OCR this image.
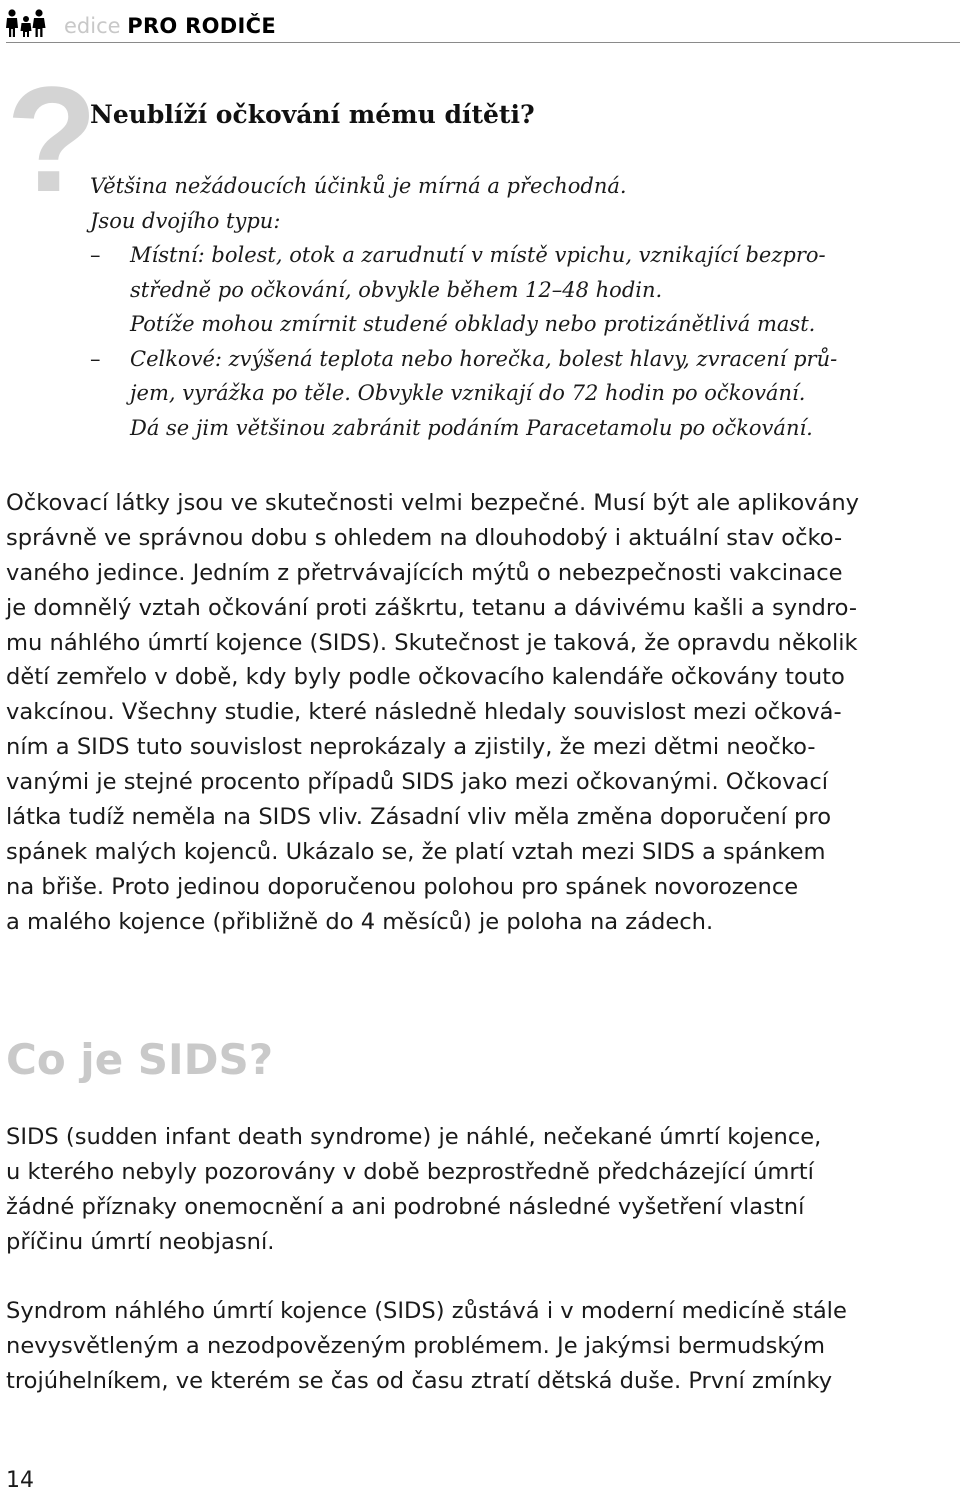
edice PRO RODIČE
?
Neublíží očkování mému dítěti?
Většina nežádoucích účinků je mírná a přechodná.
Jsou dvojího typu:
– Místní: bolest, otok a zarudnutí v místě vpichu, vznikající bezpro-
středně po očkování, obvykle během 12–48 hodin.
Potíže mohou zmírnit studené obklady nebo protizánětlivá mast.
– Celkové: zvýšená teplota nebo horečka, bolest hlavy, zvracení prů-
jem, vyrážka po těle. Obvykle vznikají do 72 hodin po očkování.
Dá se jim většinou zabránit podáním Paracetamolu po očkování.
Očkovací látky jsou ve skutečnosti velmi bezpečné. Musí být ale aplikovány
správně ve správnou dobu s ohledem na dlouhodobý i aktuální stav očko-
vaného jedince. Jedním z přetrvávajících mýtů o nebezpečnosti vakcinace
je domnělý vztah očkování proti záškrtu, tetanu a dávivému kašli a syndro-
mu náhlého úmrtí kojence (SIDS). Skutečnost je taková, že opravdu několik
dětí zemřelo v době, kdy byly podle očkovacího kalendáře očkovány touto
vakcínou. Všechny studie, které následně hledaly souvislost mezi očková-
ním a SIDS tuto souvislost neprokázaly a zjistily, že mezi dětmi neočko-
vanými je stejné procento případů SIDS jako mezi očkovanými. Očkovací
látka tudíž neměla na SIDS vliv. Zásadní vliv měla změna doporučení pro
spánek malých kojenců. Ukázalo se, že platí vztah mezi SIDS a spánkem
na břiše. Proto jedinou doporučenou polohou pro spánek novorozence
a malého kojence (přibližně do 4 měsíců) je poloha na zádech.
Co je SIDS?
SIDS (sudden infant death syndrome) je náhlé, nečekané úmrtí kojence,
u kterého nebyly pozorovány v době bezprostředně předcházející úmrtí
žádné příznaky onemocnění a ani podrobné následné vyšetření vlastní
příčinu úmrtí neobjasní.
Syndrom náhlého úmrtí kojence (SIDS) zůstává i v moderní medicíně stále
nevysvětleným a nezodpovězeným problémem. Je jakýmsi bermudským
trojúhelníkem, ve kterém se čas od času ztratí dětská duše. První zmínky
14
